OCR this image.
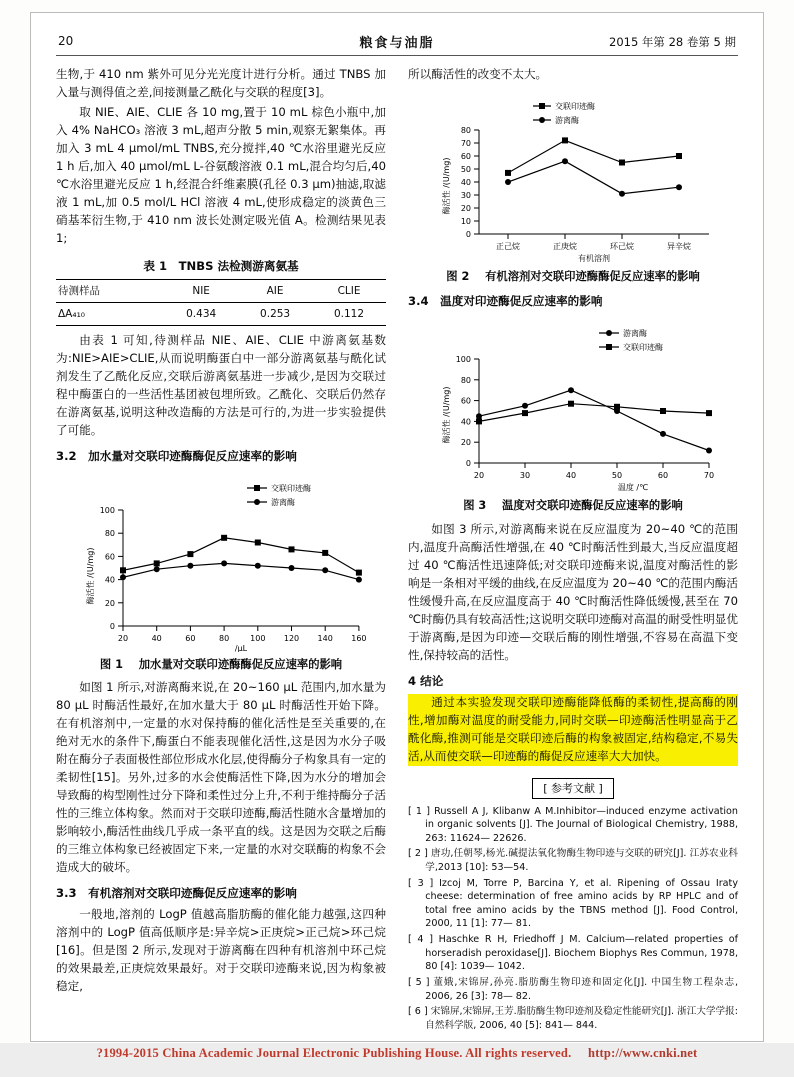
20	粮食与油脂	2015 年第 28 卷第 5 期

生物,于 410 nm 紫外可见分光光度计进行分析。通过 TNBS 加入量与测得值之差,间接测量乙酰化与交联的程度[3]。

取 NIE、AIE、CLIE 各 10 mg,置于 10 mL 棕色小瓶中,加入 4% NaHCO₃ 溶液 3 mL,超声分散 5 min,观察无絮集体。再加入 3 mL 4 μmol/mL TNBS,充分搅拌,40 ℃水浴里避光反应 1 h 后,加入 40 μmol/mL L-谷氨酸溶液 0.1 mL,混合均匀后,40 ℃水浴里避光反应 1 h,经混合纤维素膜(孔径 0.3 μm)抽滤,取滤液 1 mL,加 0.5 mol/L HCl 溶液 4 mL,使形成稳定的淡黄色三硝基苯衍生物,于 410 nm 波长处测定吸光值 A。检测结果见表 1;

表 1　TNBS 法检测游离氨基
待测样品	NIE	AIE	CLIE
ΔA₄₁₀	0.434	0.253	0.112

由表 1 可知,待测样品 NIE、AIE、CLIE 中游离氨基数为:NIE>AIE>CLIE,从而说明酶蛋白中一部分游离氨基与酰化试剂发生了乙酰化反应,交联后游离氨基进一步减少,是因为交联过程中酶蛋白的一些活性基团被包埋所致。乙酰化、交联后仍然存在游离氨基,说明这种改造酶的方法是可行的,为进一步实验提供了可能。

3.2　加水量对交联印迹酶酶促反应速率的影响
交联印迹酶
游离酶
0
20
40
60
80
100
20	40	60	80	100 120 140 160
/μL
酶活性 /(U/mg)
图 1 加水量对交联印迹酶酶促反应速率的影响

如图 1 所示,对游离酶来说,在 20~160 μL 范围内,加水量为 80 μL 时酶活性最好,在加水量大于 80 μL 时酶活性开始下降。在有机溶剂中,一定量的水对保持酶的催化活性是至关重要的,在绝对无水的条件下,酶蛋白不能表现催化活性,这是因为水分子吸附在酶分子表面极性部位形成水化层,使得酶分子构象具有一定的柔韧性[15]。另外,过多的水会使酶活性下降,因为水分的增加会导致酶的构型刚性过分下降和柔性过分上升,不利于维持酶分子活性的三维立体构象。然而对于交联印迹酶,酶活性随水含量增加的影响较小,酶活性曲线几乎成一条平直的线。这是因为交联之后酶的三维立体构象已经被固定下来,一定量的水对交联酶的构象不会造成大的破坏。

3.3　有机溶剂对交联印迹酶促反应速率的影响

一般地,溶剂的 LogP 值越高脂肪酶的催化能力越强,这四种溶剂中的 LogP 值高低顺序是:异辛烷>正庚烷>正己烷>环己烷[16]。但是图 2 所示,发现对于游离酶在四种有机溶剂中环己烷的效果最差,正庚烷效果最好。对于交联印迹酶来说,因为构象被稳定,

所以酶活性的改变不太大。

交联印迹酶
游离酶
0
10
20
30
40
50
60
70
80
正己烷	正庚烷	环己烷	异辛烷
有机溶剂
酶活性 /(U/mg)
图 2 有机溶剂对交联印迹酶酶促反应速率的影响
3.4　温度对印迹酶促反应速率的影响
游离酶
交联印迹酶
0
20
40
60
80
100
20	30	40	50	60	70
温度 /℃
酶活性 /(U/mg)
图 3 温度对交联印迹酶促反应速率的影响

如图 3 所示,对游离酶来说在反应温度为 20~40 ℃的范围内,温度升高酶活性增强,在 40 ℃时酶活性到最大,当反应温度超过 40 ℃酶活性迅速降低;对交联印迹酶来说,温度对酶活性的影响是一条相对平缓的曲线,在反应温度为 20~40 ℃的范围内酶活性缓慢升高,在反应温度高于 40 ℃时酶活性降低缓慢,甚至在 70 ℃时酶仍具有较高活性;这说明交联印迹酶对高温的耐受性明显优于游离酶,是因为印迹—交联后酶的刚性增强,不容易在高温下变性,保持较高的活性。

4 结论

通过本实验发现交联印迹酶能降低酶的柔韧性,提高酶的刚性,增加酶对温度的耐受能力,同时交联—印迹酶活性明显高于乙酰化酶,推测可能是交联印迹后酶的构象被固定,结构稳定,不易失活,从而使交联—印迹酶的酶促反应速率大大加快。

[ 参考文献 ]
[ 1 ] Russell A J, Klibanw A M.Inhibitor—induced enzyme activation in organic solvents [J]. The Journal of Biological Chemistry, 1988, 263: 11624— 22626.
[ 2 ] 唐功,任朝琴,杨光.碱提法氧化物酶生物印迹与交联的研究[J]. 江苏农业科学,2013 [10]: 53—54.
[ 3 ] Izcoj M, Torre P, Barcina Y, et al. Ripening of Ossau Iraty cheese: determination of free amino acids by RP HPLC and of total free amino acids by the TBNS method [J]. Food Control, 2000, 11 [1]: 77— 81.
[ 4 ] Haschke R H, Friedhoff J M. Calcium—related properties of horseradish peroxidase[J]. Biochem Biophys Res Commun, 1978, 80 [4]: 1039— 1042.
[ 5 ] 董娥,宋锦屏,孙亮.脂肪酶生物印迹和固定化[J]. 中国生物工程杂志, 2006, 26 [3]: 78— 82.
[ 6 ] 宋锦屏,宋锦屏,王芳.脂肪酶生物印迹剂及稳定性能研究[J]. 浙江大学学报:自然科学版, 2006, 40 [5]: 841— 844.
?1994-2015 China Academic Journal Electronic Publishing House. All rights reserved. http://www.cnki.net
